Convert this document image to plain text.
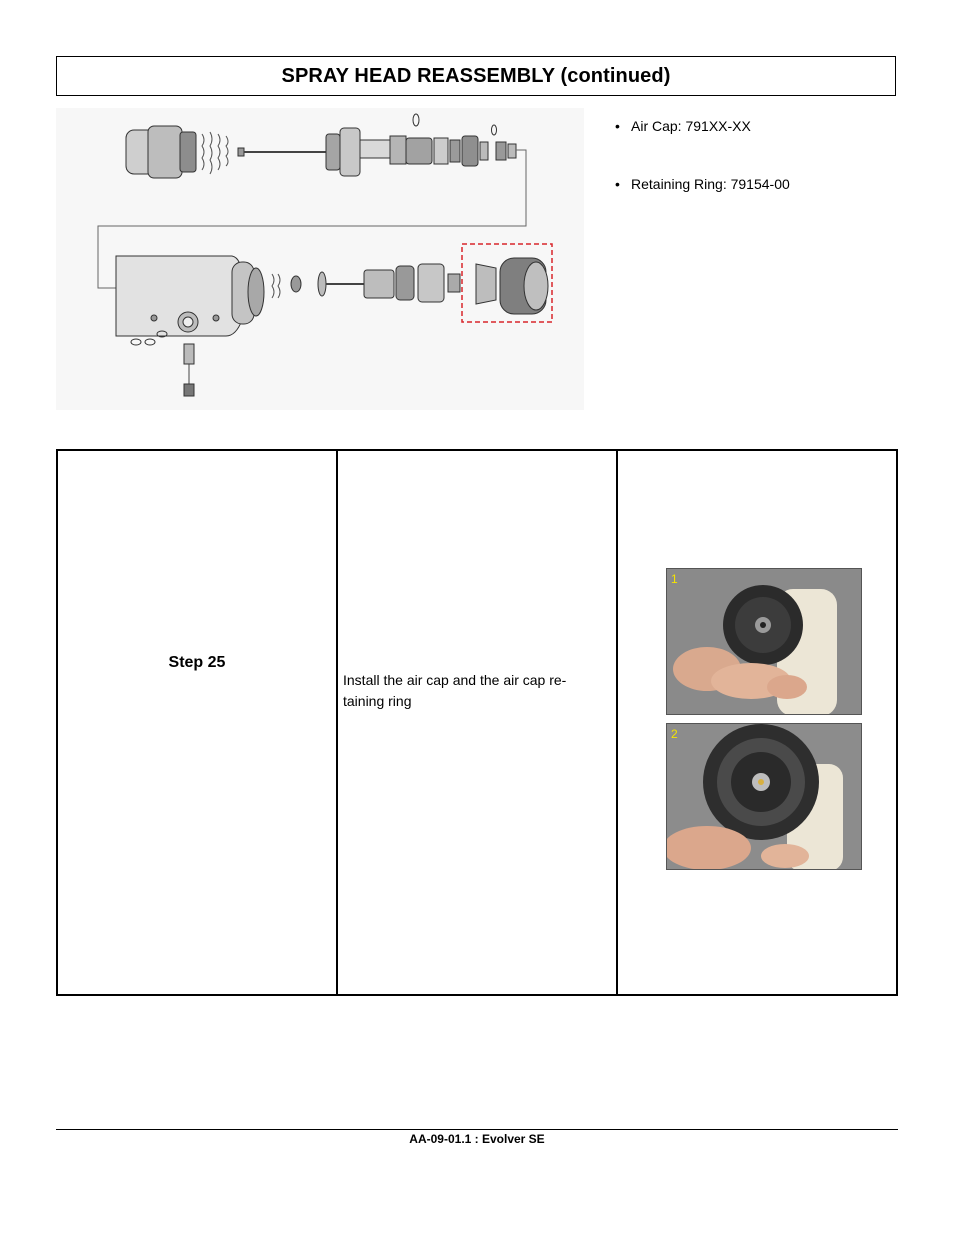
SPRAY HEAD REASSEMBLY (continued)
• Air Cap: 791XX-XX
• Retaining Ring: 79154-00
Step 25
Install the air cap and the air cap re-taining ring
1
2
AA-09-01.1 : Evolver SE
